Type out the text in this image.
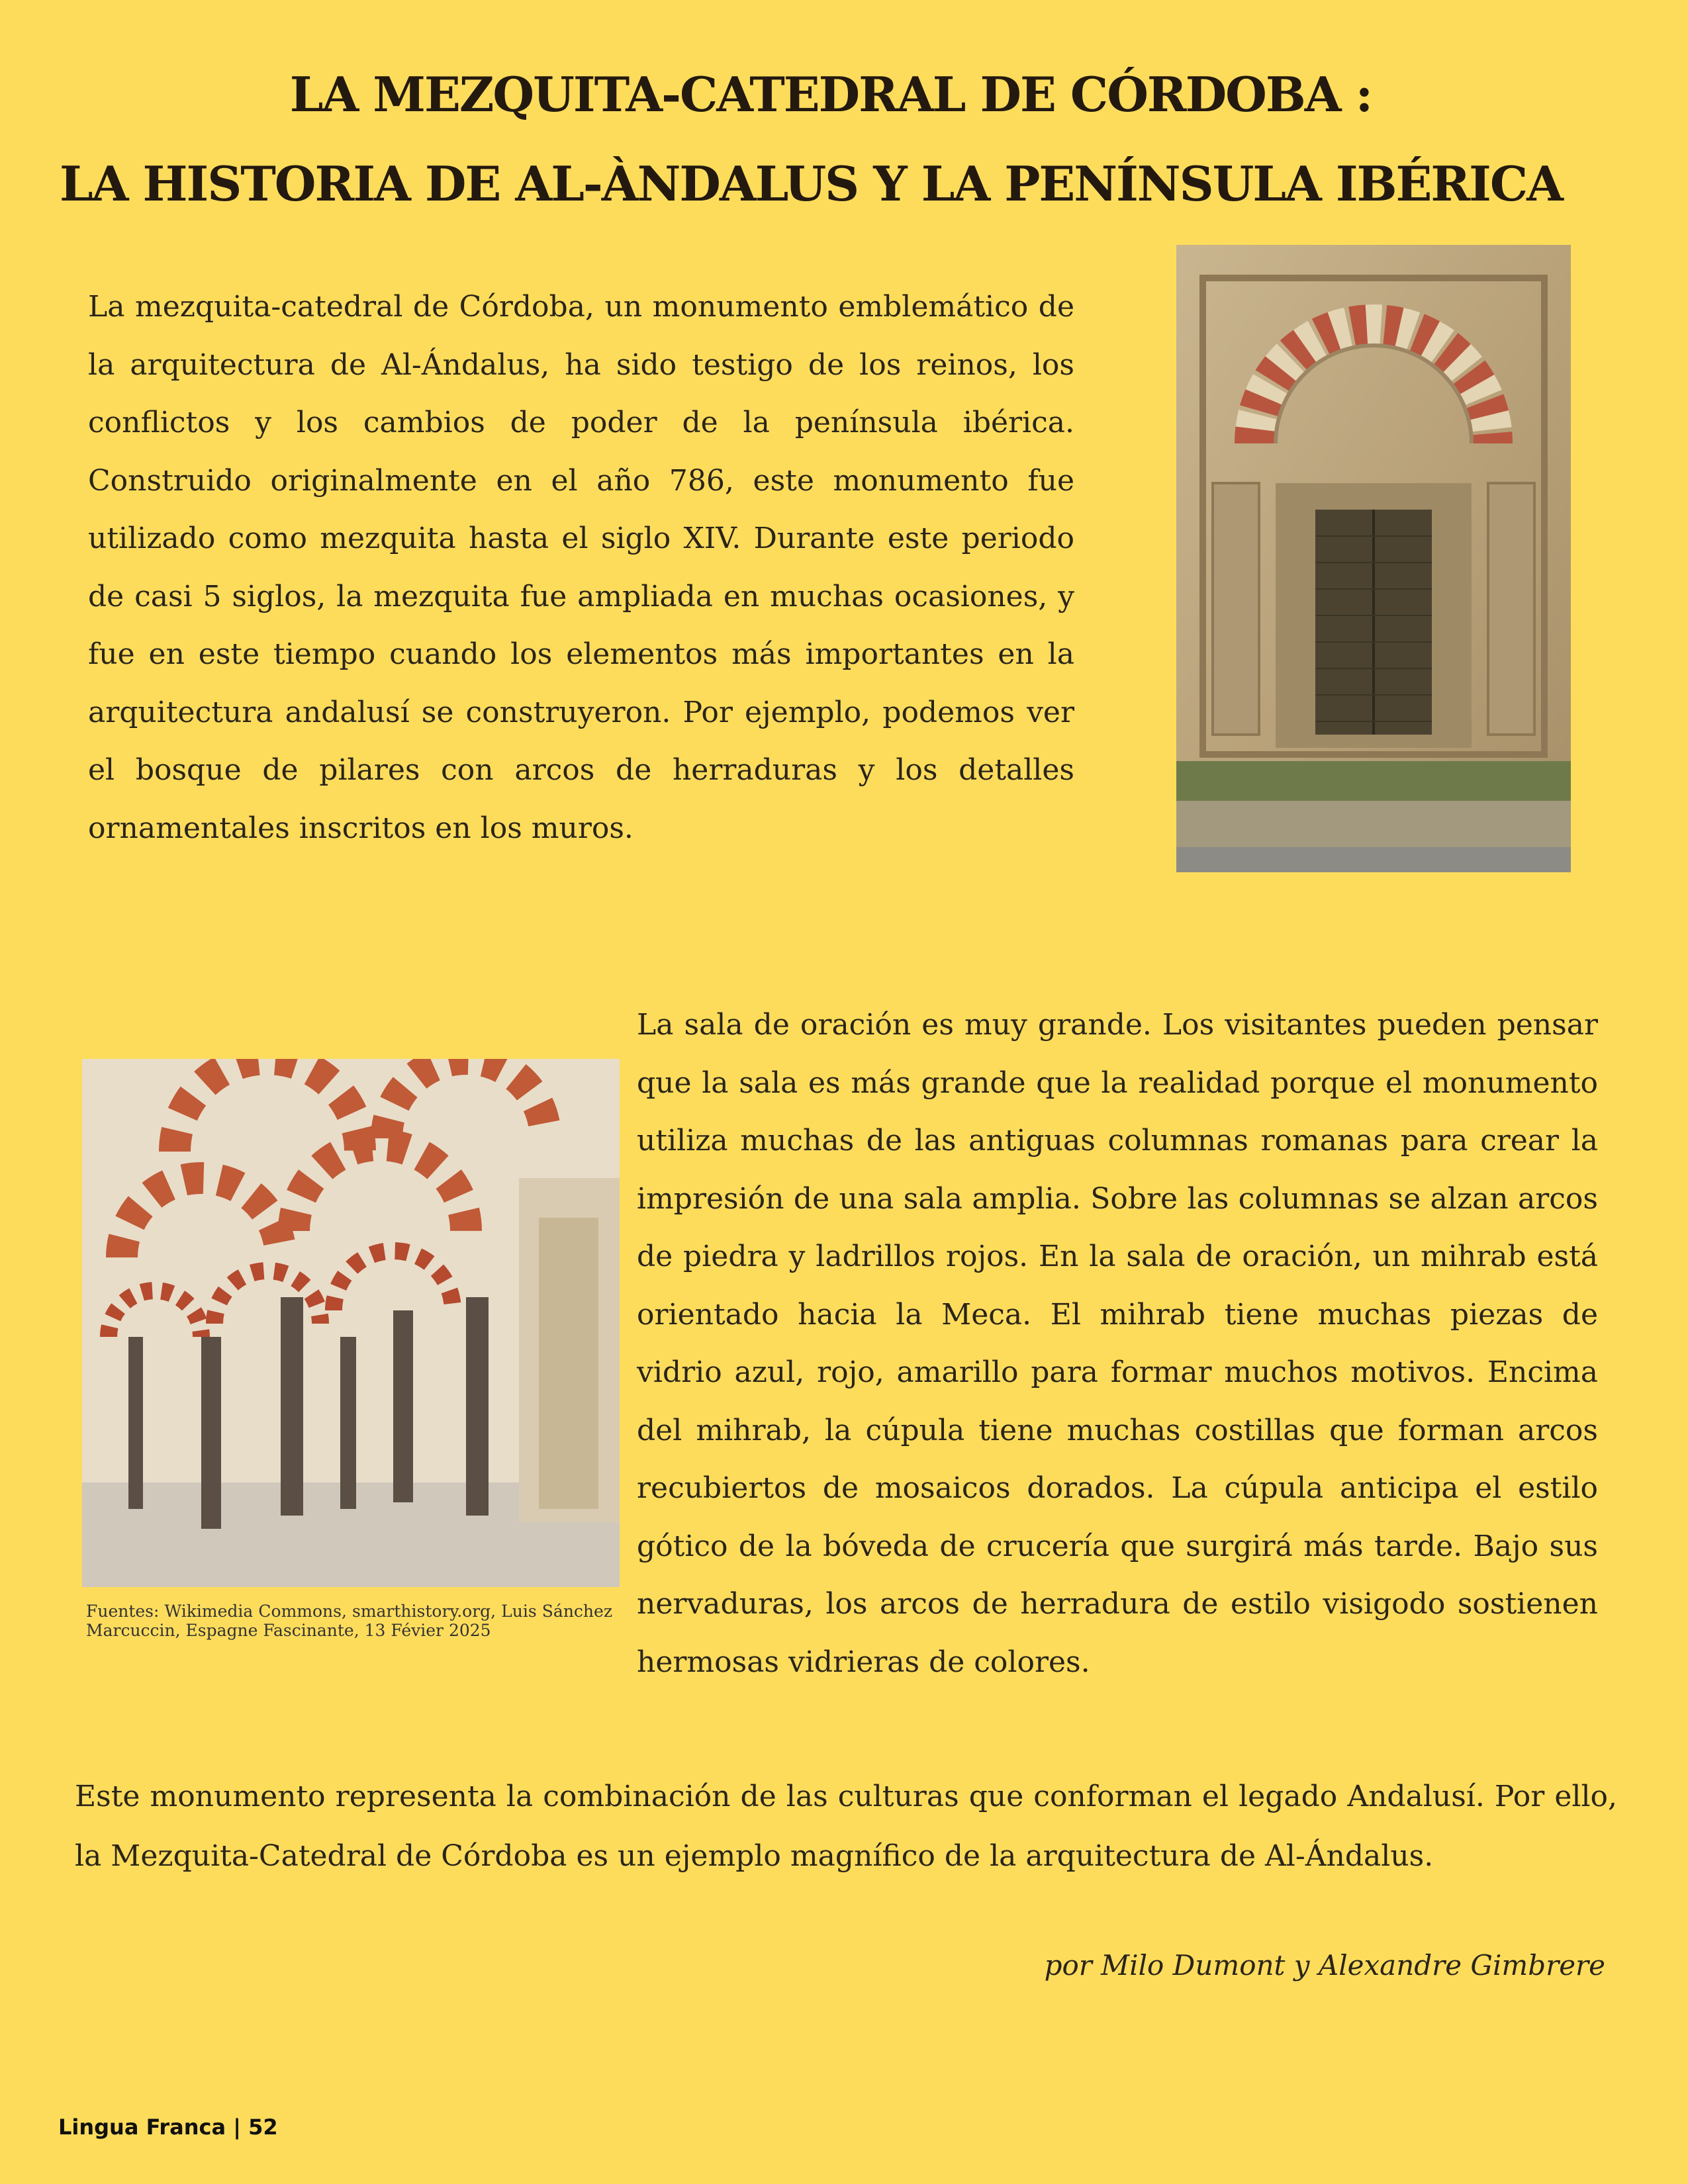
LA MEZQUITA-CATEDRAL DE CÓRDOBA :
LA HISTORIA DE AL-ÀNDALUS Y LA PENÍNSULA IBÉRICA

La mezquita-catedral de Córdoba, un monumento emblemático de la arquitectura de Al-Ándalus, ha sido testigo de los reinos, los conflictos y los cambios de poder de la península ibérica. Construido originalmente en el año 786, este monumento fue utilizado como mezquita hasta el siglo XIV. Durante este periodo de casi 5 siglos, la mezquita fue ampliada en muchas ocasiones, y fue en este tiempo cuando los elementos más importantes en la arquitectura andalusí se construyeron. Por ejemplo, podemos ver el bosque de pilares con arcos de herraduras y los detalles ornamentales inscritos en los muros.

Fuentes: Wikimedia Commons, smarthistory.org, Luis Sánchez Marcuccin, Espagne Fascinante, 13 Févier 2025

La sala de oración es muy grande. Los visitantes pueden pensar que la sala es más grande que la realidad porque el monumento utiliza muchas de las antiguas columnas romanas para crear la impresión de una sala amplia. Sobre las columnas se alzan arcos de piedra y ladrillos rojos. En la sala de oración, un mihrab está orientado hacia la Meca. El mihrab tiene muchas piezas de vidrio azul, rojo, amarillo para formar muchos motivos. Encima del mihrab, la cúpula tiene muchas costillas que forman arcos recubiertos de mosaicos dorados. La cúpula anticipa el estilo gótico de la bóveda de crucería que surgirá más tarde. Bajo sus nervaduras, los arcos de herradura de estilo visigodo sostienen hermosas vidrieras de colores.

Este monumento representa la combinación de las culturas que conforman el legado Andalusí. Por ello, la Mezquita-Catedral de Córdoba es un ejemplo magnífico de la arquitectura de Al-Ándalus.

por Milo Dumont y Alexandre Gimbrere
Lingua Franca | 52
